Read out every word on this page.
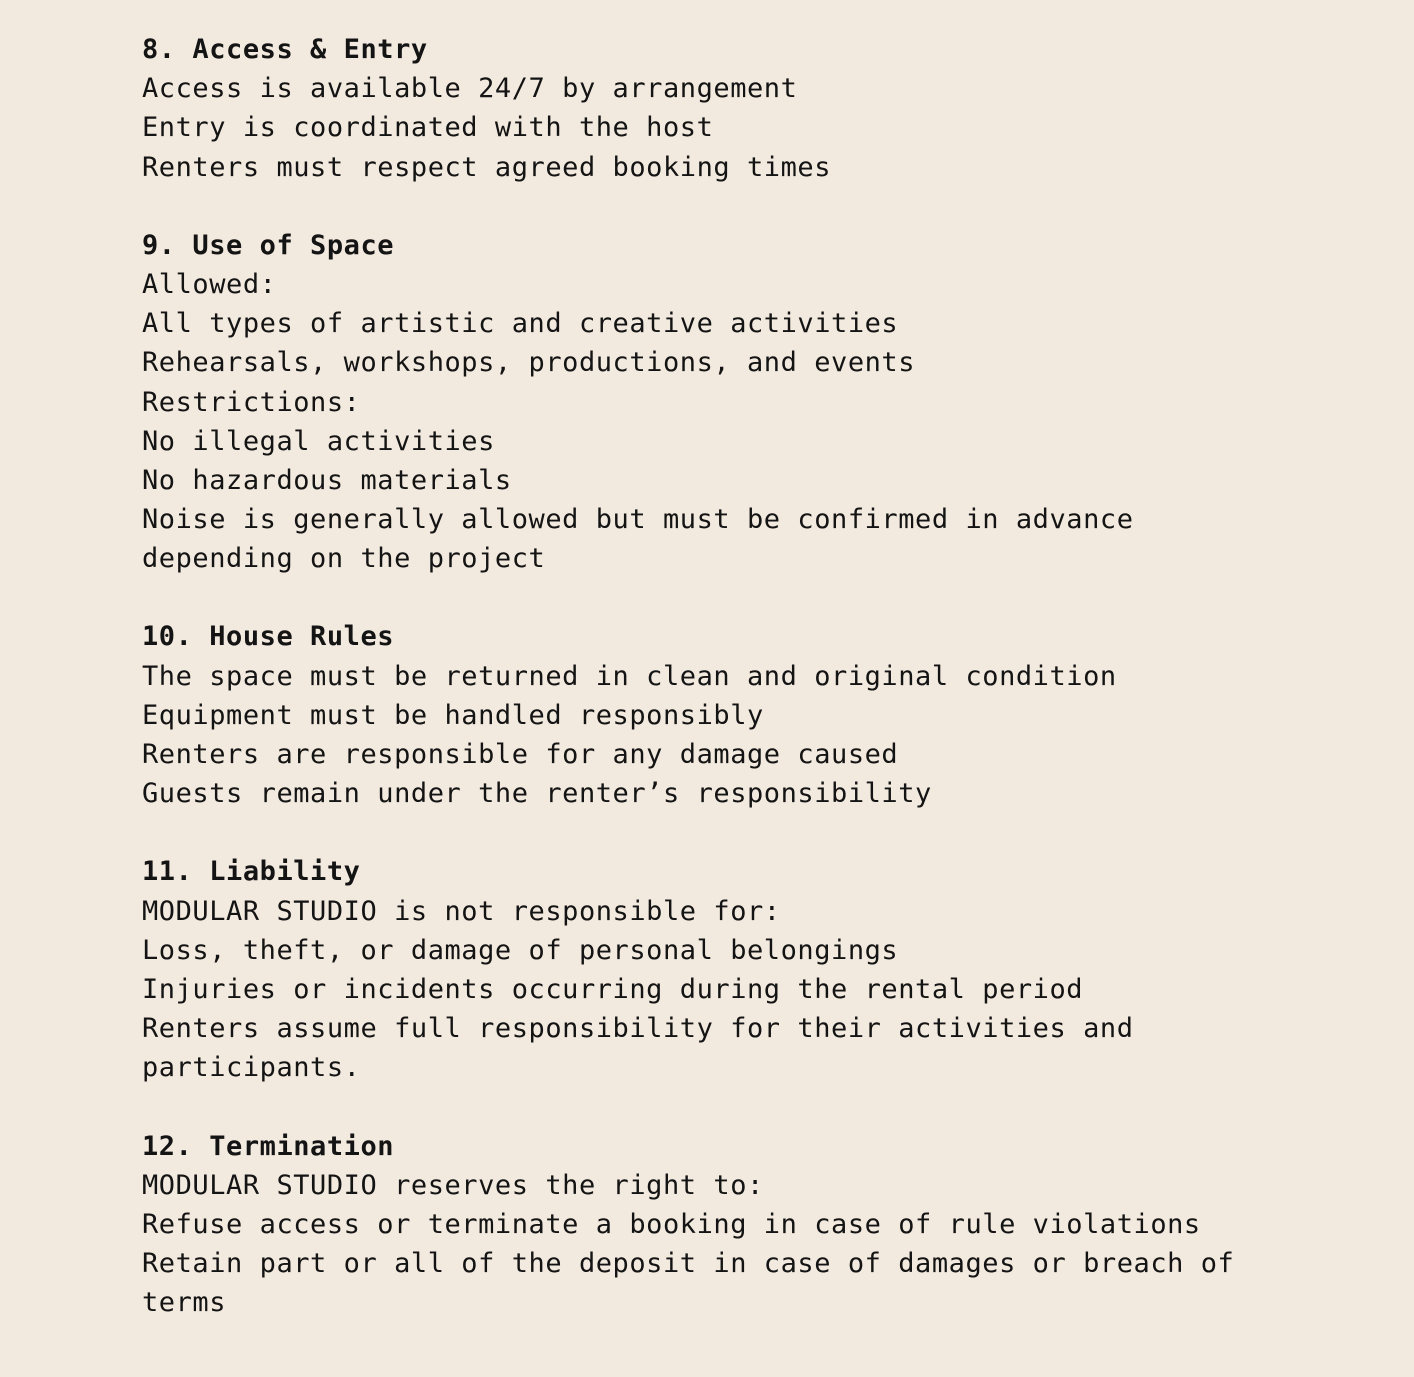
8. Access & Entry
Access is available 24/7 by arrangement
Entry is coordinated with the host
Renters must respect agreed booking times
9. Use of Space
Allowed:
All types of artistic and creative activities
Rehearsals, workshops, productions, and events
Restrictions:
No illegal activities
No hazardous materials
Noise is generally allowed but must be confirmed in advance
depending on the project
10. House Rules
The space must be returned in clean and original condition
Equipment must be handled responsibly
Renters are responsible for any damage caused
Guests remain under the renter’s responsibility
11. Liability
MODULAR STUDIO is not responsible for:
Loss, theft, or damage of personal belongings
Injuries or incidents occurring during the rental period
Renters assume full responsibility for their activities and
participants.
12. Termination
MODULAR STUDIO reserves the right to:
Refuse access or terminate a booking in case of rule violations
Retain part or all of the deposit in case of damages or breach of
terms
